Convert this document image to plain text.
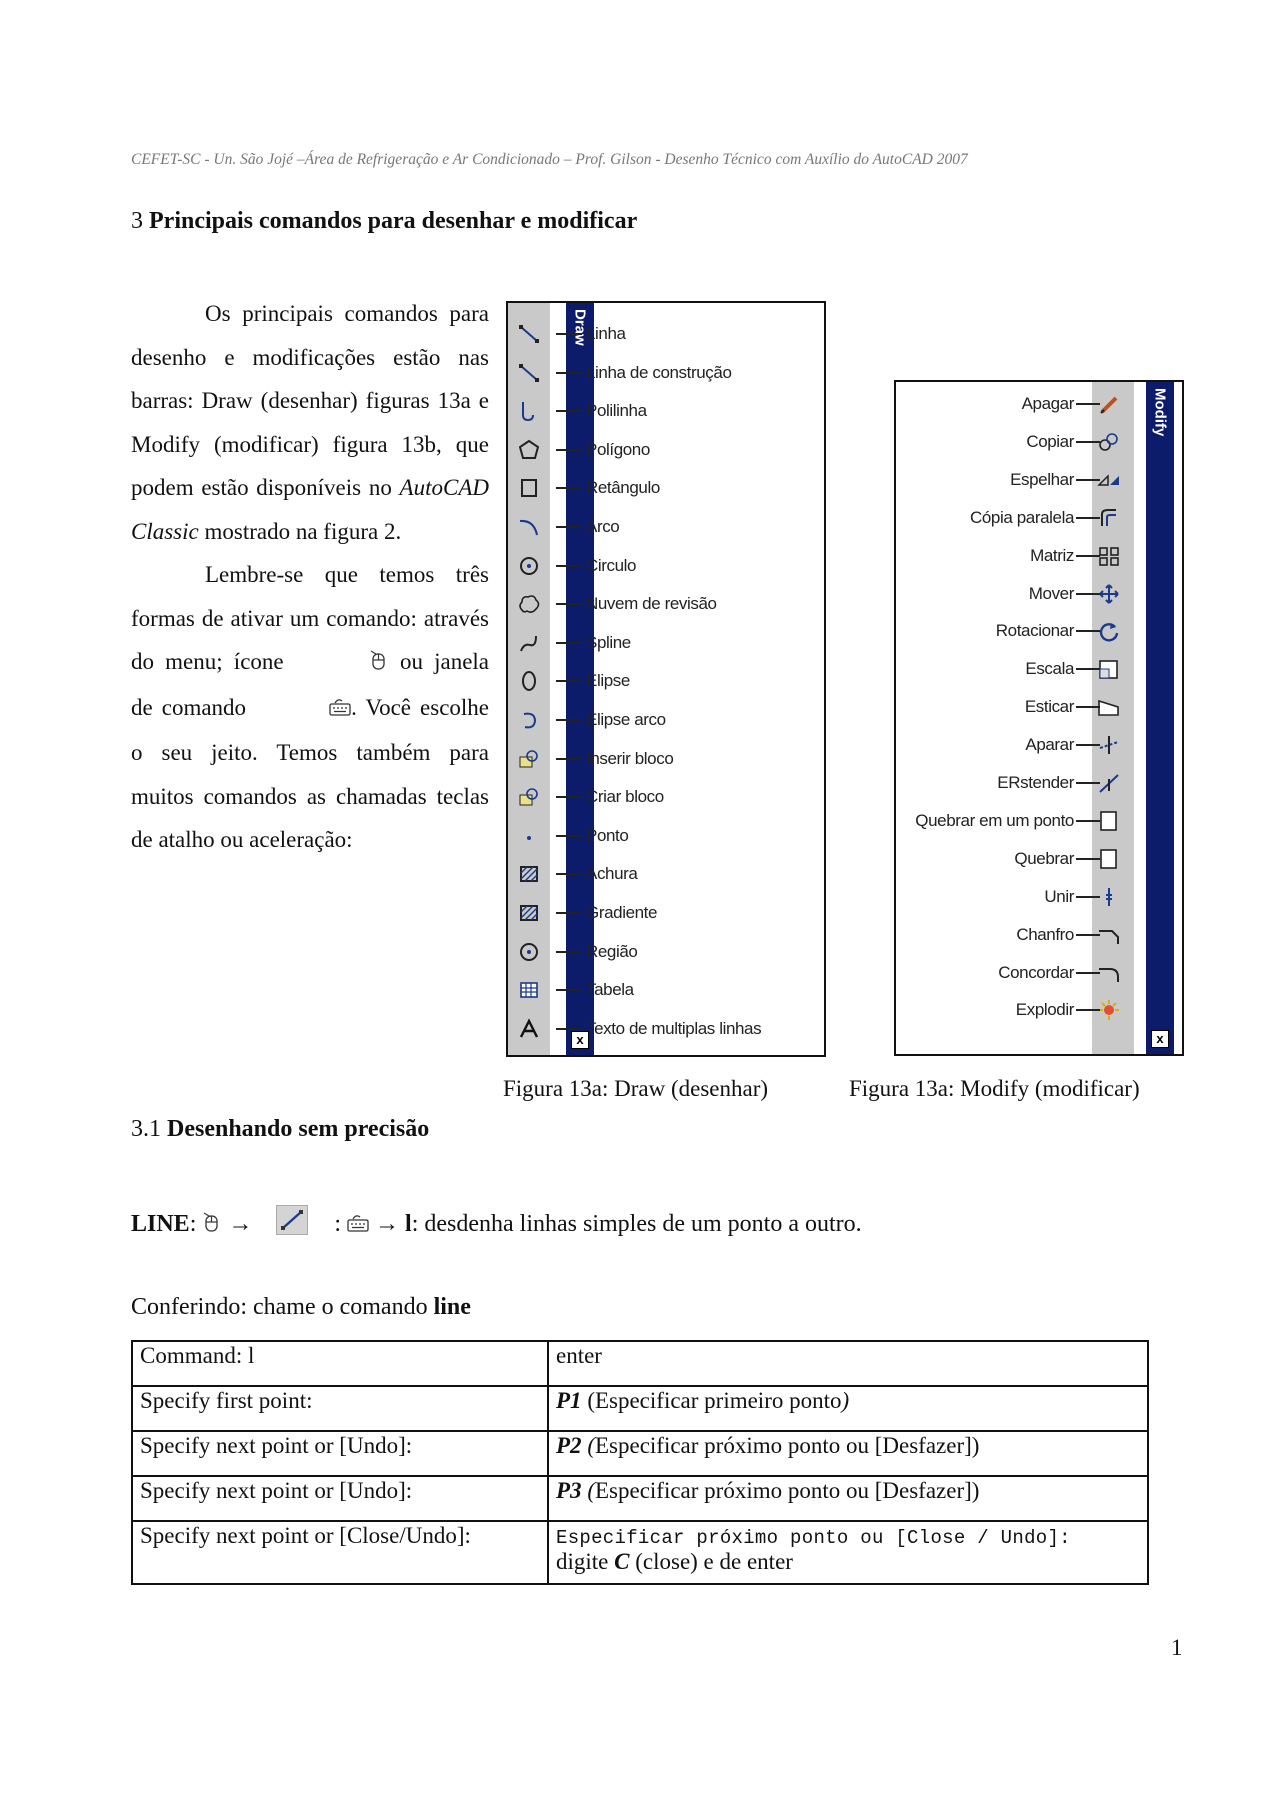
CEFET-SC - Un. São Jojé –Área de Refrigeração e Ar Condicionado – Prof. Gilson - Desenho Técnico com Auxílio do AutoCAD 2007
3 Principais comandos para desenhar e modificar

Os principais comandos para desenho e modificações estão nas barras: Draw (desenhar) figuras 13a e Modify (modificar) figura 13b, que podem estão disponíveis no AutoCAD Classic mostrado na figura 2.

Lembre-se que temos três formas de ativar um comando: através do menu; ícone	ou janela de comando	. Você escolhe o seu jeito. Temos também para muitos comandos as chamadas teclas de atalho ou aceleração:

Draw
x
Linha
Linha de construção
Polilinha
Polígono
Retângulo
Arco
Circulo
Nuvem de revisão
Spline
Elipse
Elipse arco
Inserir bloco
Criar bloco
Ponto
Achura
Gradiente
Região
Tabela
Texto de multiplas linhas
Modify
x
Apagar
Copiar
Espelhar
Cópia paralela
Matriz
Mover
Rotacionar
Escala
Esticar
Aparar
ERstender
Quebrar em um ponto
Quebrar
Unir
Chanfro
Concordar
Explodir
Figura 13a: Draw (desenhar)	Figura 13a: Modify (modificar)
3.1 Desenhando sem precisão
LINE:  →	:  → l: desdenha linhas simples de um ponto a outro.
Conferindo: chame o comando line
Command: l	enter
Specify first point:	P1 (Especificar primeiro ponto)
Specify next point or [Undo]:	P2 (Especificar próximo ponto ou [Desfazer])
Specify next point or [Undo]:	P3 (Especificar próximo ponto ou [Desfazer])
Specify next point or [Close/Undo]:	Especificar próximo ponto ou [Close / Undo]:
digite C (close) e de enter
1
